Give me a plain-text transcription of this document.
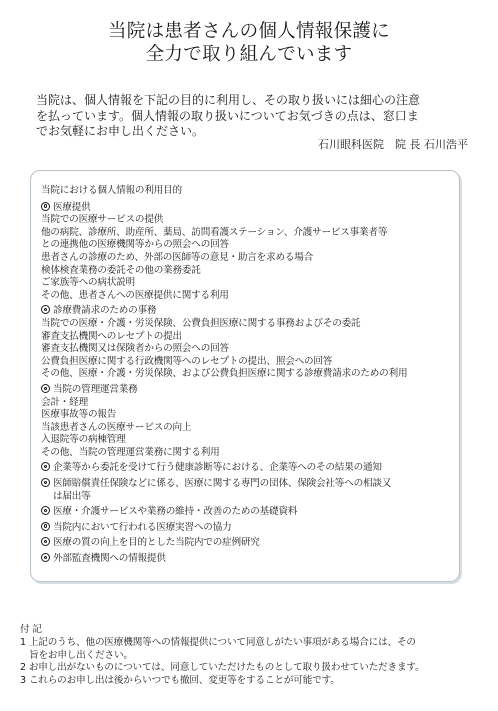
当院は患者さんの個人情報保護に
全力で取り組んでいます
当院は、個人情報を下記の目的に利用し、その取り扱いには細心の注意
を払っています。個人情報の取り扱いについてお気づきの点は、窓口ま
でお気軽にお申し出ください。
石川眼科医院　院 長 石川浩平
当院における個人情報の利用目的
医療提供
当院での医療サービスの提供
他の病院、診療所、助産所、薬局、訪問看護ステーション、介護サービス事業者等
との連携他の医療機関等からの照会への回答
患者さんの診療のため、外部の医師等の意見・助言を求める場合
検体検査業務の委託その他の業務委託
ご家族等への病状説明
その他、患者さんへの医療提供に関する利用
診療費請求のための事務
当院での医療・介護・労災保険、公費負担医療に関する事務およびその委託
審査支払機関へのレセプトの提出
審査支払機関又は保険者からの照会への回答
公費負担医療に関する行政機関等へのレセプトの提出、照会への回答
その他、医療・介護・労災保険、および公費負担医療に関する診療費請求のための利用
当院の管理運営業務
会計・経理
医療事故等の報告
当該患者さんの医療サービスの向上
入退院等の病棟管理
その他、当院の管理運営業務に関する利用
企業等から委託を受けて行う健康診断等における、企業等へのその結果の通知
医師賠償責任保険などに係る、医療に関する専門の団体、保険会社等への相談又
は届出等
医療・介護サービスや業務の維持・改善のための基礎資料
当院内において行われる医療実習への協力
医療の質の向上を目的とした当院内での症例研究
外部監査機関への情報提供
付 記
1 上記のうち、他の医療機関等への情報提供について同意しがたい事項がある場合には、その
旨をお申し出ください。
2 お申し出がないものについては、同意していただけたものとして取り扱わせていただきます。
3 これらのお申し出は後からいつでも撤回、変更等をすることが可能です。
